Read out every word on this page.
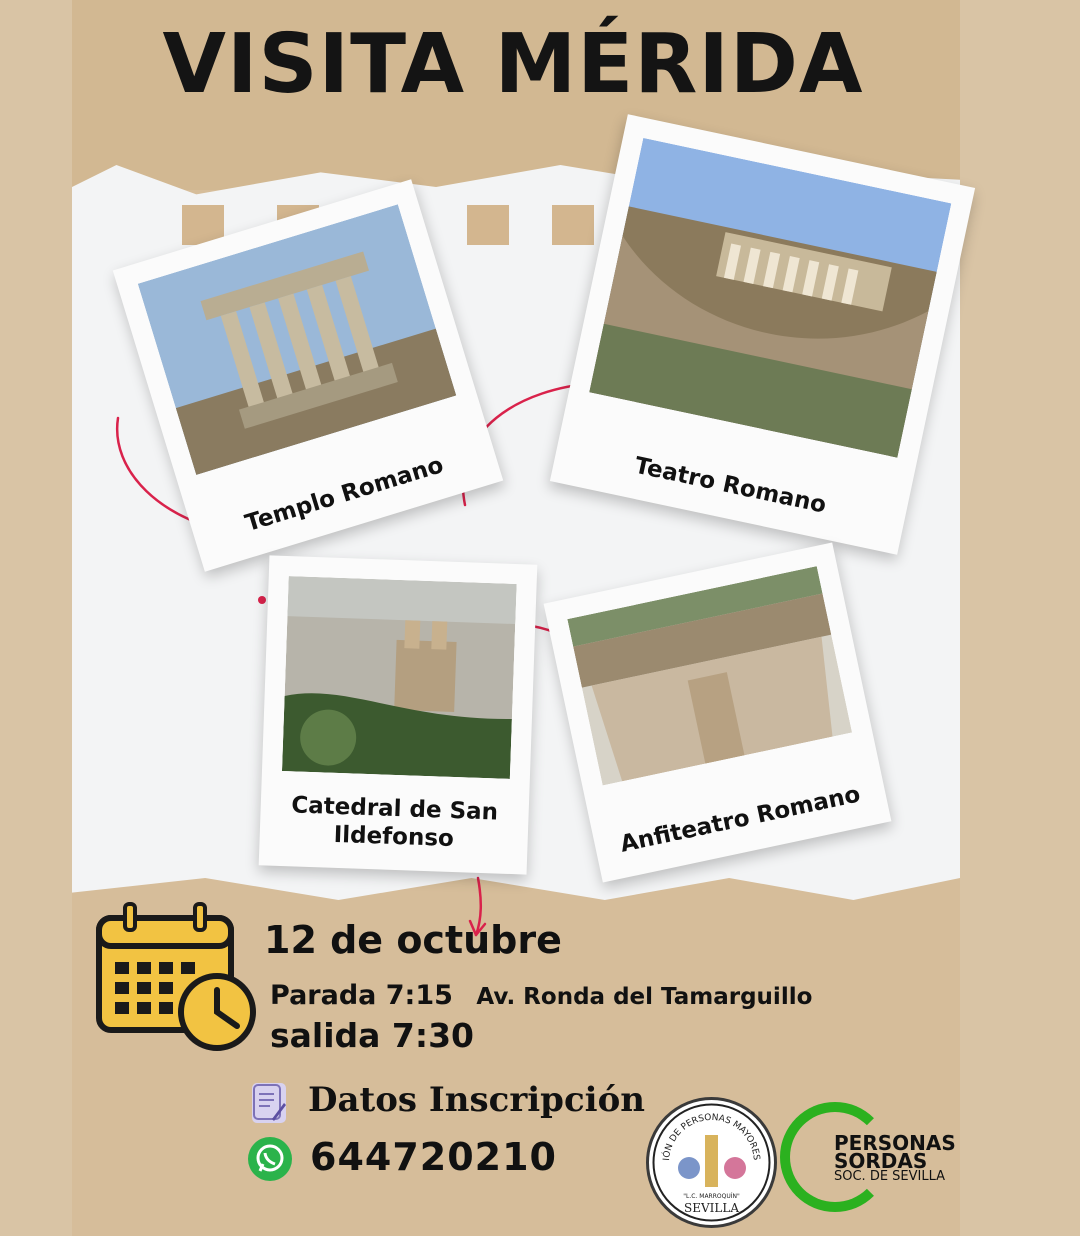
VISITA MÉRIDA
Templo Romano	Teatro Romano
Catedral de San Ildefonso	Anfiteatro Romano
12 de octubre
Parada 7:15 Av. Ronda del Tamarguillo
salida 7:30
Datos Inscripción
644720210	IÓN DE PERSONAS MAYORES
SEVILLA
"L.C. MARROQUÍN"
PERSONAS
SORDAS
SOC. DE SEVILLA
